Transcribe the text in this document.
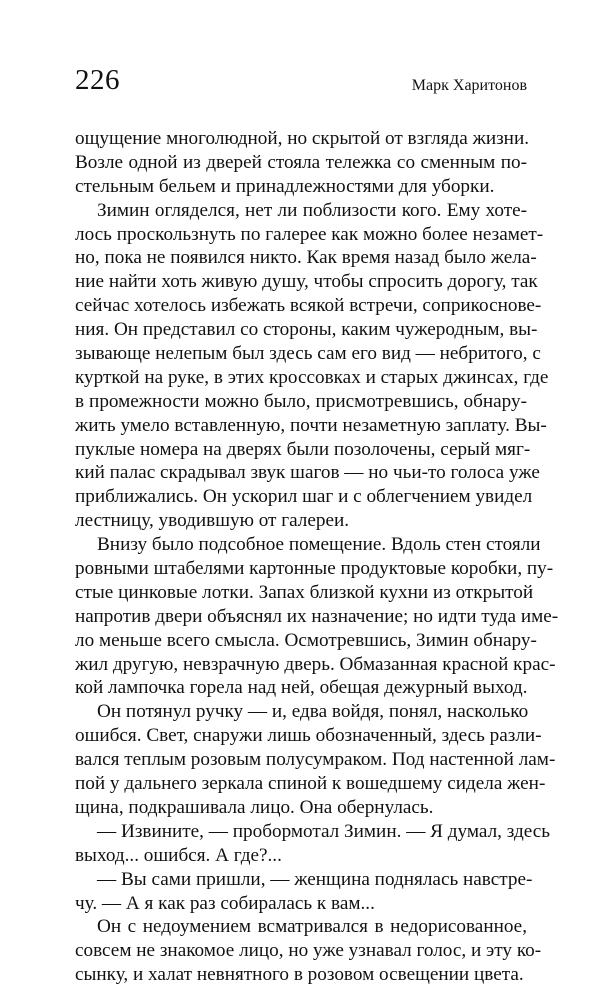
226	Марк Харитонов
ощущение многолюдной, но скрытой от взгляда жизни.
Возле одной из дверей стояла тележка со сменным по-
стельным бельем и принадлежностями для уборки.
Зимин огляделся, нет ли поблизости кого. Ему хоте-
лось проскользнуть по галерее как можно более незамет-
но, пока не появился никто. Как время назад было жела-
ние найти хоть живую душу, чтобы спросить дорогу, так
сейчас хотелось избежать всякой встречи, соприкоснове-
ния. Он представил со стороны, каким чужеродным, вы-
зывающе нелепым был здесь сам его вид — небритого, с
курткой на руке, в этих кроссовках и старых джинсах, где
в промежности можно было, присмотревшись, обнару-
жить умело вставленную, почти незаметную заплату. Вы-
пуклые номера на дверях были позолочены, серый мяг-
кий палас скрадывал звук шагов — но чьи-то голоса уже
приближались. Он ускорил шаг и с облегчением увидел
лестницу, уводившую от галереи.
Внизу было подсобное помещение. Вдоль стен стояли
ровными штабелями картонные продуктовые коробки, пу-
стые цинковые лотки. Запах близкой кухни из открытой
напротив двери объяснял их назначение; но идти туда име-
ло меньше всего смысла. Осмотревшись, Зимин обнару-
жил другую, невзрачную дверь. Обмазанная красной крас-
кой лампочка горела над ней, обещая дежурный выход.
Он потянул ручку — и, едва войдя, понял, насколько
ошибся. Свет, снаружи лишь обозначенный, здесь разли-
вался теплым розовым полусумраком. Под настенной лам-
пой у дальнего зеркала спиной к вошедшему сидела жен-
щина, подкрашивала лицо. Она обернулась.
— Извините, — пробормотал Зимин. — Я думал, здесь
выход... ошибся. А где?...
— Вы сами пришли, — женщина поднялась навстре-
чу. — А я как раз собиралась к вам...
Он с недоумением всматривался в недорисованное,
совсем не знакомое лицо, но уже узнавал голос, и эту ко-
сынку, и халат невнятного в розовом освещении цвета.
